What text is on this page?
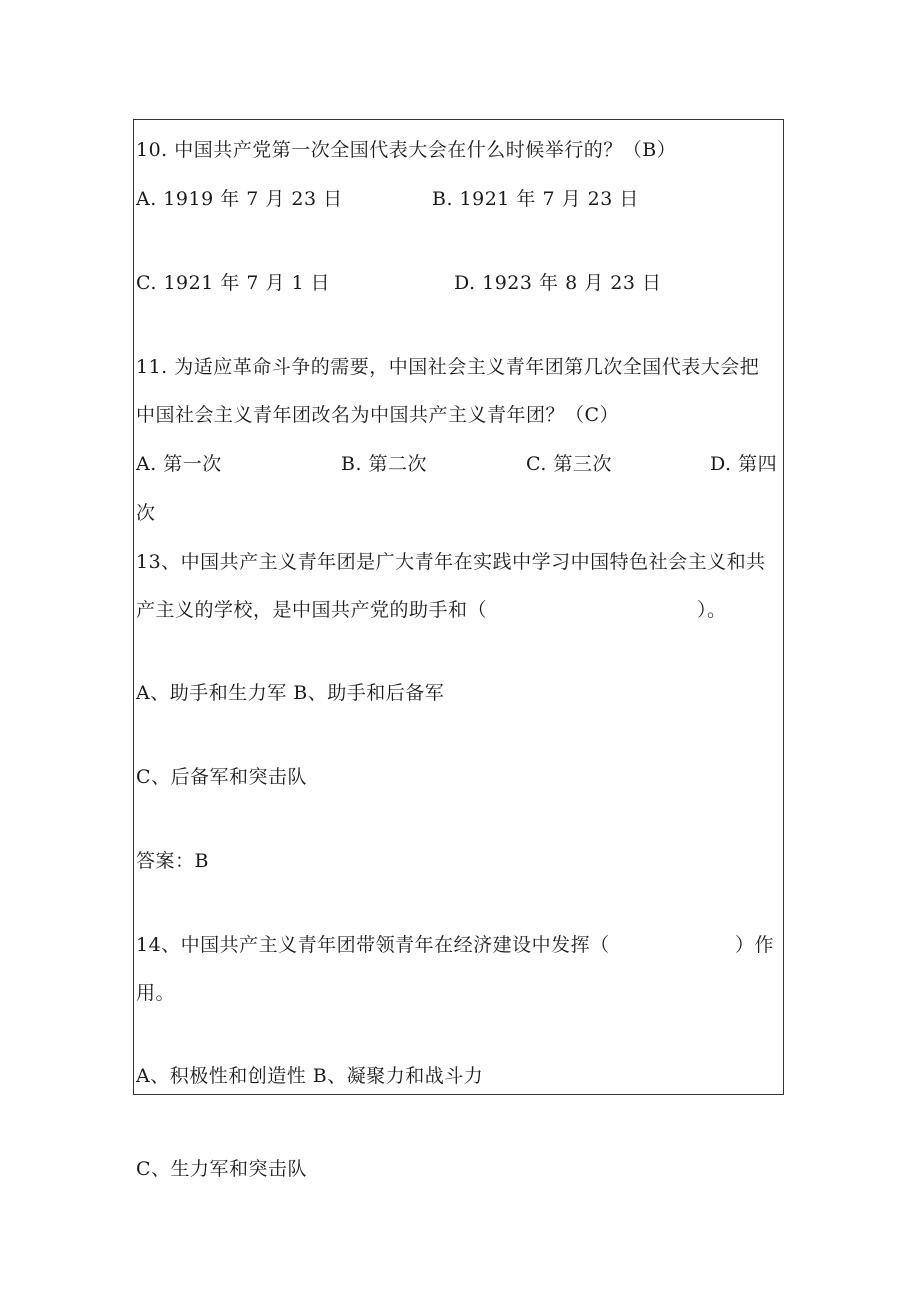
10. 中国共产党第一次全国代表大会在什么时候举行的？（B）
A. 1919 年 7 月 23 日	B. 1921 年 7 月 23 日
C. 1921 年 7 月 1 日	D. 1923 年 8 月 23 日
11. 为适应革命斗争的需要，中国社会主义青年团第几次全国代表大会把
中国社会主义青年团改名为中国共产主义青年团？（C）
A. 第一次	B. 第二次	C. 第三次	D. 第四
次
13、中国共产主义青年团是广大青年在实践中学习中国特色社会主义和共
产主义的学校，是中国共产党的助手和（	）。
A、助手和生力军 B、助手和后备军
C、后备军和突击队
答案：B
14、中国共产主义青年团带领青年在经济建设中发挥（	）作
用。
A、积极性和创造性 B、凝聚力和战斗力
C、生力军和突击队
